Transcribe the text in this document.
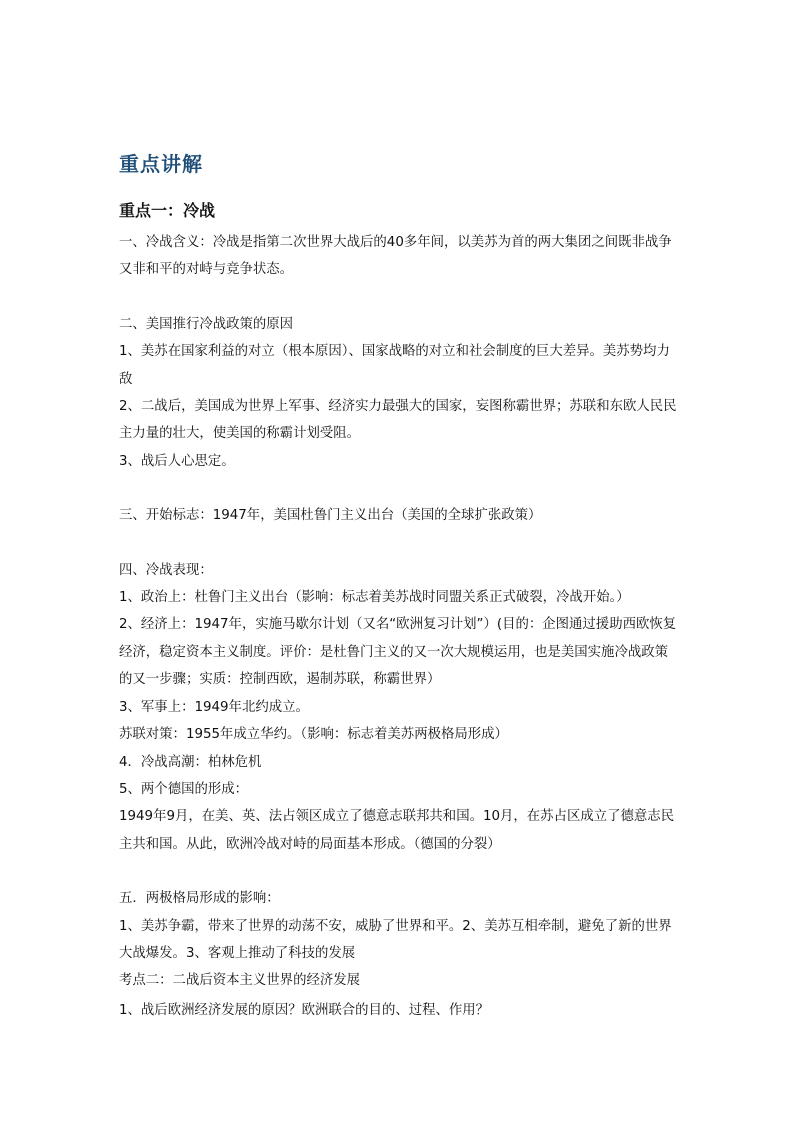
重点讲解
重点一：冷战

一、冷战含义：冷战是指第二次世界大战后的40多年间，以美苏为首的两大集团之间既非战争又非和平的对峙与竞争状态。

二、美国推行冷战政策的原因

1、美苏在国家利益的对立（根本原因）、国家战略的对立和社会制度的巨大差异。美苏势均力敌

2、二战后，美国成为世界上军事、经济实力最强大的国家，妄图称霸世界；苏联和东欧人民民主力量的壮大，使美国的称霸计划受阻。

3、战后人心思定。

三、开始标志：1947年，美国杜鲁门主义出台（美国的全球扩张政策）

四、冷战表现：

1、政治上：杜鲁门主义出台（影响：标志着美苏战时同盟关系正式破裂，冷战开始。）

2、经济上：1947年，实施马歇尔计划（又名“欧洲复习计划”）(目的：企图通过援助西欧恢复经济，稳定资本主义制度。评价：是杜鲁门主义的又一次大规模运用，也是美国实施冷战政策的又一步骤；实质：控制西欧，遏制苏联，称霸世界）

3、军事上：1949年北约成立。

苏联对策：1955年成立华约。（影响：标志着美苏两极格局形成）

4．冷战高潮：柏林危机

5、两个德国的形成：

1949年9月，在美、英、法占领区成立了德意志联邦共和国。10月，在苏占区成立了德意志民主共和国。从此，欧洲冷战对峙的局面基本形成。（德国的分裂）

五．两极格局形成的影响：

1、美苏争霸，带来了世界的动荡不安，威胁了世界和平。2、美苏互相牵制，避免了新的世界大战爆发。3、客观上推动了科技的发展

考点二：二战后资本主义世界的经济发展

1、战后欧洲经济发展的原因？欧洲联合的目的、过程、作用？
